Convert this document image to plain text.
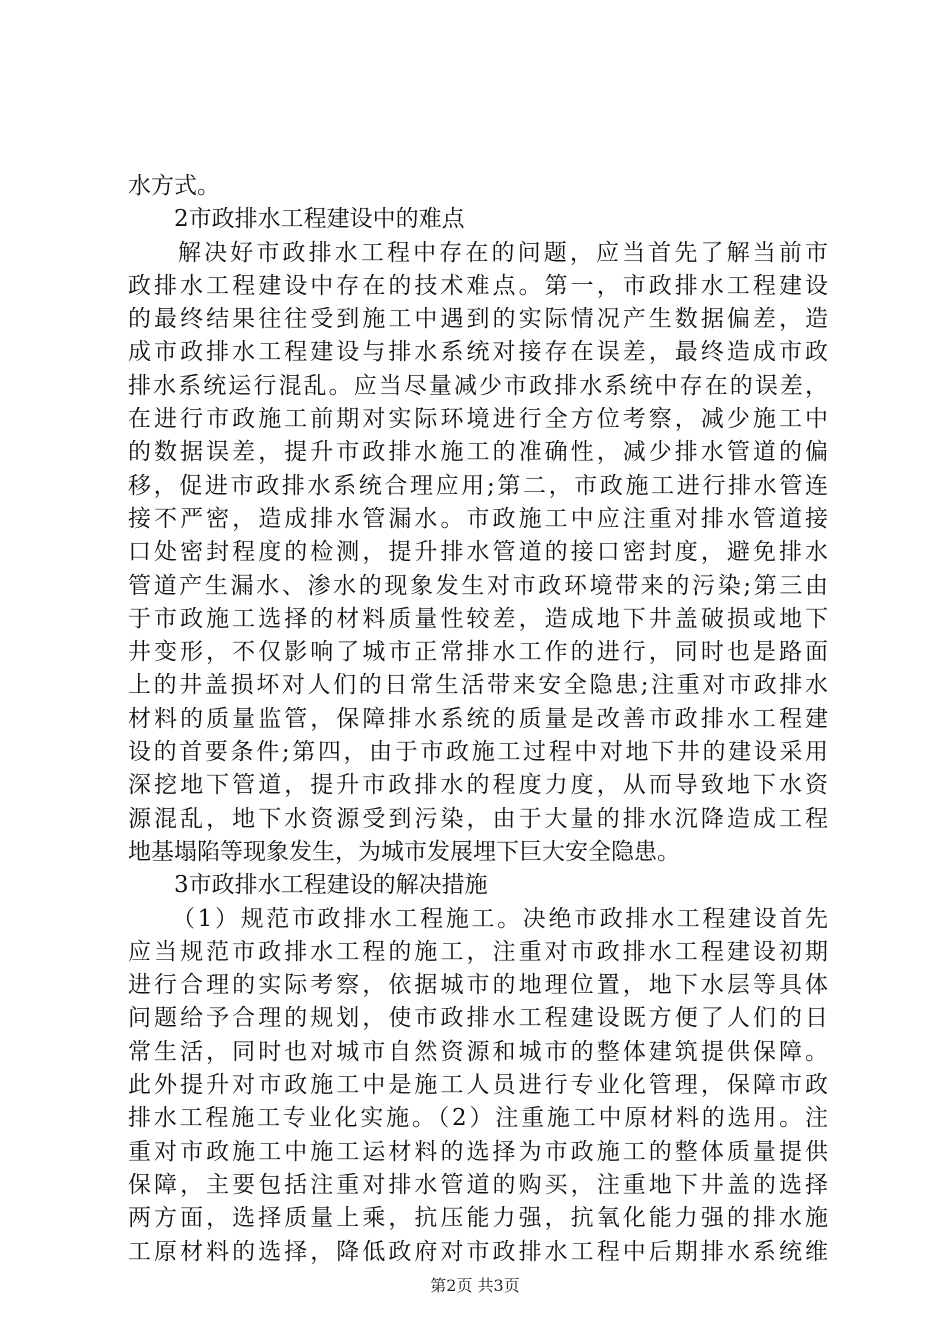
水方式。
2市政排水工程建设中的难点
解决好市政排水工程中存在的问题，应当首先了解当前市
政排水工程建设中存在的技术难点。第一，市政排水工程建设
的最终结果往往受到施工中遇到的实际情况产生数据偏差，造
成市政排水工程建设与排水系统对接存在误差，最终造成市政
排水系统运行混乱。应当尽量减少市政排水系统中存在的误差，
在进行市政施工前期对实际环境进行全方位考察，减少施工中
的数据误差，提升市政排水施工的准确性，减少排水管道的偏
移，促进市政排水系统合理应用;第二，市政施工进行排水管连
接不严密，造成排水管漏水。市政施工中应注重对排水管道接
口处密封程度的检测，提升排水管道的接口密封度，避免排水
管道产生漏水、渗水的现象发生对市政环境带来的污染;第三由
于市政施工选择的材料质量性较差，造成地下井盖破损或地下
井变形，不仅影响了城市正常排水工作的进行，同时也是路面
上的井盖损坏对人们的日常生活带来安全隐患;注重对市政排水
材料的质量监管，保障排水系统的质量是改善市政排水工程建
设的首要条件;第四，由于市政施工过程中对地下井的建设采用
深挖地下管道，提升市政排水的程度力度，从而导致地下水资
源混乱，地下水资源受到污染，由于大量的排水沉降造成工程
地基塌陷等现象发生，为城市发展埋下巨大安全隐患。
3市政排水工程建设的解决措施
（1）规范市政排水工程施工。决绝市政排水工程建设首先
应当规范市政排水工程的施工，注重对市政排水工程建设初期
进行合理的实际考察，依据城市的地理位置，地下水层等具体
问题给予合理的规划，使市政排水工程建设既方便了人们的日
常生活，同时也对城市自然资源和城市的整体建筑提供保障。
此外提升对市政施工中是施工人员进行专业化管理，保障市政
排水工程施工专业化实施。（2）注重施工中原材料的选用。注
重对市政施工中施工运材料的选择为市政施工的整体质量提供
保障，主要包括注重对排水管道的购买，注重地下井盖的选择
两方面，选择质量上乘，抗压能力强，抗氧化能力强的排水施
工原材料的选择，降低政府对市政排水工程中后期排水系统维
第2页 共3页
